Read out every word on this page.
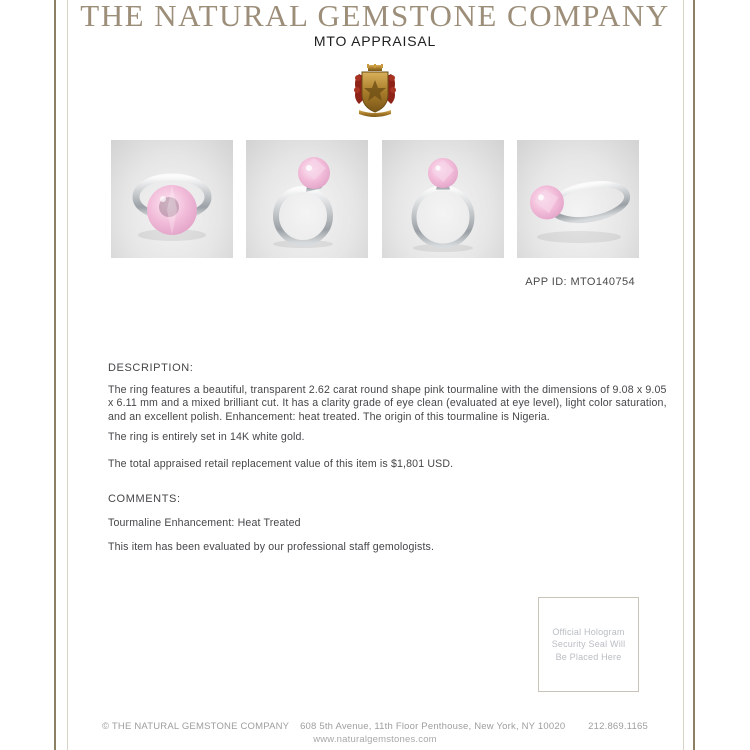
THE NATURAL GEMSTONE COMPANY
MTO APPRAISAL
APP ID: MTO140754
DESCRIPTION:
The ring features a beautiful, transparent 2.62 carat round shape pink tourmaline with the dimensions of 9.08 x 9.05 x 6.11 mm and a mixed brilliant cut. It has a clarity grade of eye clean (evaluated at eye level), light color saturation, and an excellent polish. Enhancement: heat treated. The origin of this tourmaline is Nigeria.
The ring is entirely set in 14K white gold.
The total appraised retail replacement value of this item is $1,801 USD.
COMMENTS:
Tourmaline Enhancement: Heat Treated
This item has been evaluated by our professional staff gemologists.
Official Hologram Security Seal Will Be Placed Here
© THE NATURAL GEMSTONE COMPANY 608 5th Avenue, 11th Floor Penthouse, New York, NY 10020 212.869.1165
www.naturalgemstones.com
